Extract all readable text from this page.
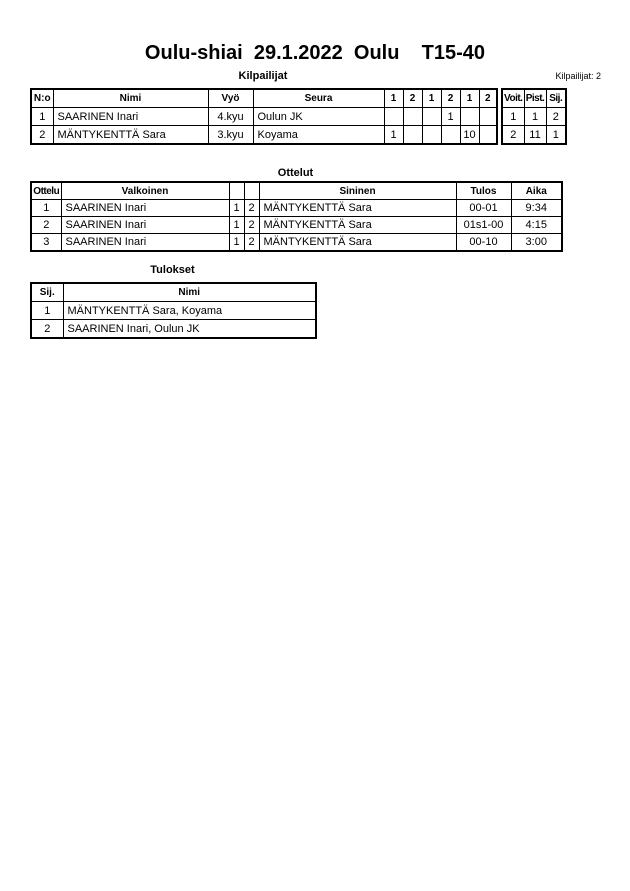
Oulu-shiai  29.1.2022  Oulu    T15-40
Kilpailijat: 2
Kilpailijat
N:o	Nimi	Vyö	Seura	1	2	1	2	1	2
1	SAARINEN Inari	4.kyu	Oulun JK				1		
2	MÄNTYKENTTÄ Sara	3.kyu	Koyama	1				10	
Voit.	Pist.	Sij.
1	1	2
2	11	1
Ottelut
Ottelu	Valkoinen			Sininen	Tulos	Aika
1	SAARINEN Inari	1	2	MÄNTYKENTTÄ Sara	00-01	9:34
2	SAARINEN Inari	1	2	MÄNTYKENTTÄ Sara	01s1-00	4:15
3	SAARINEN Inari	1	2	MÄNTYKENTTÄ Sara	00-10	3:00
Tulokset
Sij.	Nimi
1	MÄNTYKENTTÄ Sara, Koyama
2	SAARINEN Inari, Oulun JK
